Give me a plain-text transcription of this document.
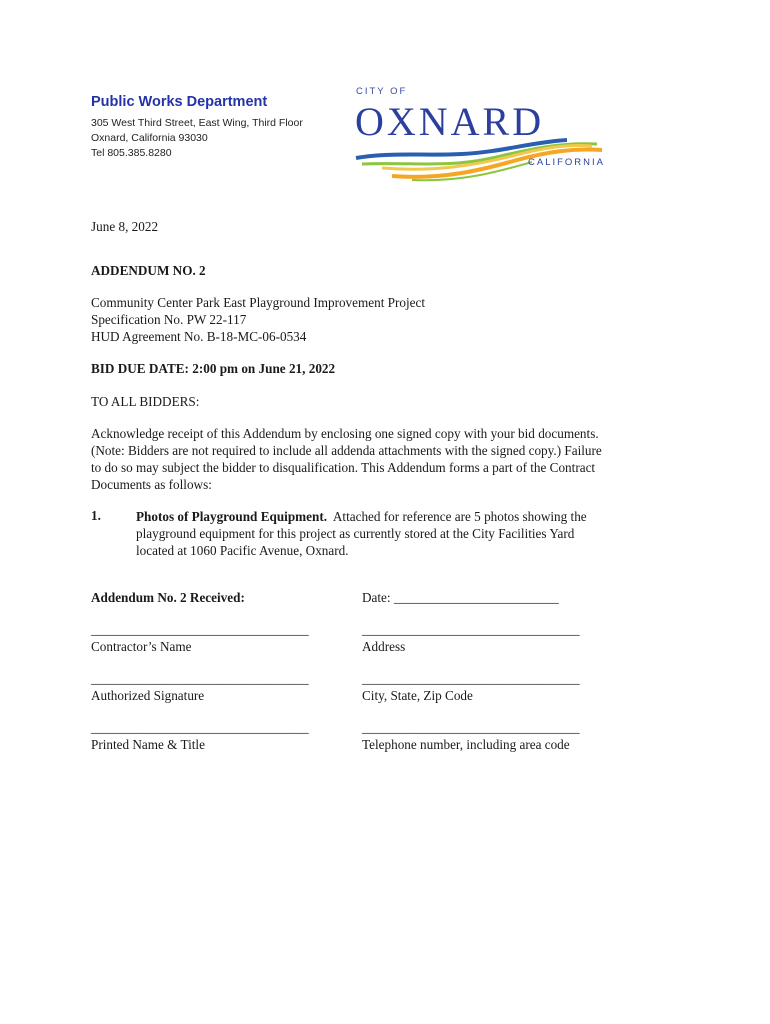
Public Works Department
305 West Third Street, East Wing, Third Floor
Oxnard, California 93030
Tel 805.385.8280
CITY OF
OXNARD
CALIFORNIA
June 8, 2022
ADDENDUM NO. 2
Community Center Park East Playground Improvement Project
Specification No. PW 22-117
HUD Agreement No. B-18-MC-06-0534
BID DUE DATE: 2:00 pm on June 21, 2022
TO ALL BIDDERS:
Acknowledge receipt of this Addendum by enclosing one signed copy with your bid documents.
(Note: Bidders are not required to include all addenda attachments with the signed copy.) Failure
to do so may subject the bidder to disqualification. This Addendum forms a part of the Contract
Documents as follows:
1.	Photos of Playground Equipment.  Attached for reference are 5 photos showing the
playground equipment for this project as currently stored at the City Facilities Yard
located at 1060 Pacific Avenue, Oxnard.
Addendum No. 2 Received:	Date: _________________________
_________________________________	_________________________________
Contractor’s Name	Address
_________________________________	_________________________________
Authorized Signature	City, State, Zip Code
_________________________________	_________________________________
Printed Name & Title	Telephone number, including area code
